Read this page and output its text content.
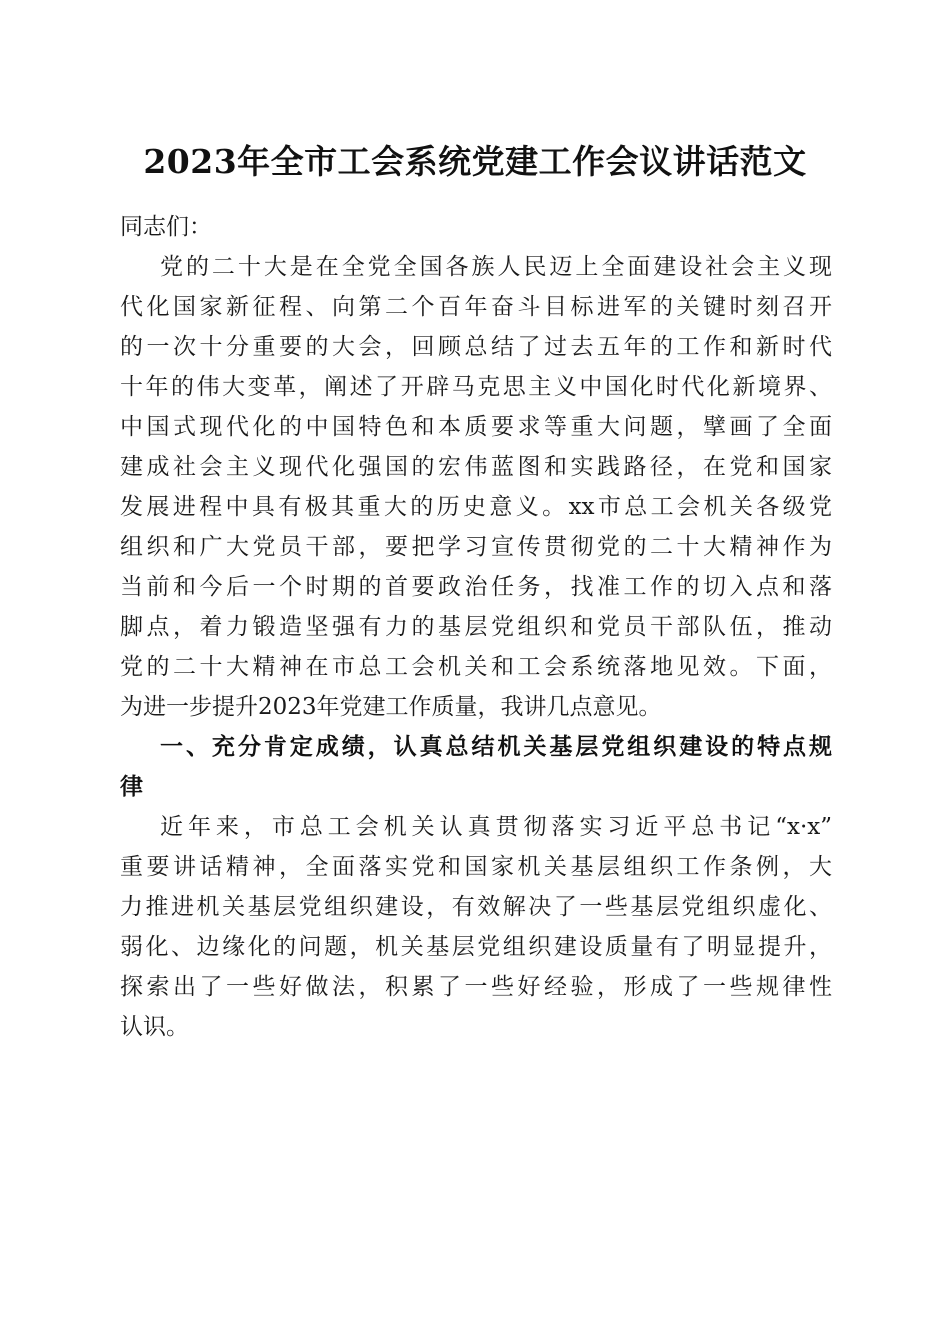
2023年全市工会系统党建工作会议讲话范文
同志们：
党的二十大是在全党全国各族人民迈上全面建设社会主义现
代化国家新征程、向第二个百年奋斗目标进军的关键时刻召开
的一次十分重要的大会，回顾总结了过去五年的工作和新时代
十年的伟大变革，阐述了开辟马克思主义中国化时代化新境界、
中国式现代化的中国特色和本质要求等重大问题，擘画了全面
建成社会主义现代化强国的宏伟蓝图和实践路径，在党和国家
发展进程中具有极其重大的历史意义。xx市总工会机关各级党
组织和广大党员干部，要把学习宣传贯彻党的二十大精神作为
当前和今后一个时期的首要政治任务，找准工作的切入点和落
脚点，着力锻造坚强有力的基层党组织和党员干部队伍，推动
党的二十大精神在市总工会机关和工会系统落地见效。下面，
为进一步提升2023年党建工作质量，我讲几点意见。
一、充分肯定成绩，认真总结机关基层党组织建设的特点规
律
近年来，市总工会机关认真贯彻落实习近平总书记“x·x”
重要讲话精神，全面落实党和国家机关基层组织工作条例，大
力推进机关基层党组织建设，有效解决了一些基层党组织虚化、
弱化、边缘化的问题，机关基层党组织建设质量有了明显提升，
探索出了一些好做法，积累了一些好经验，形成了一些规律性
认识。
